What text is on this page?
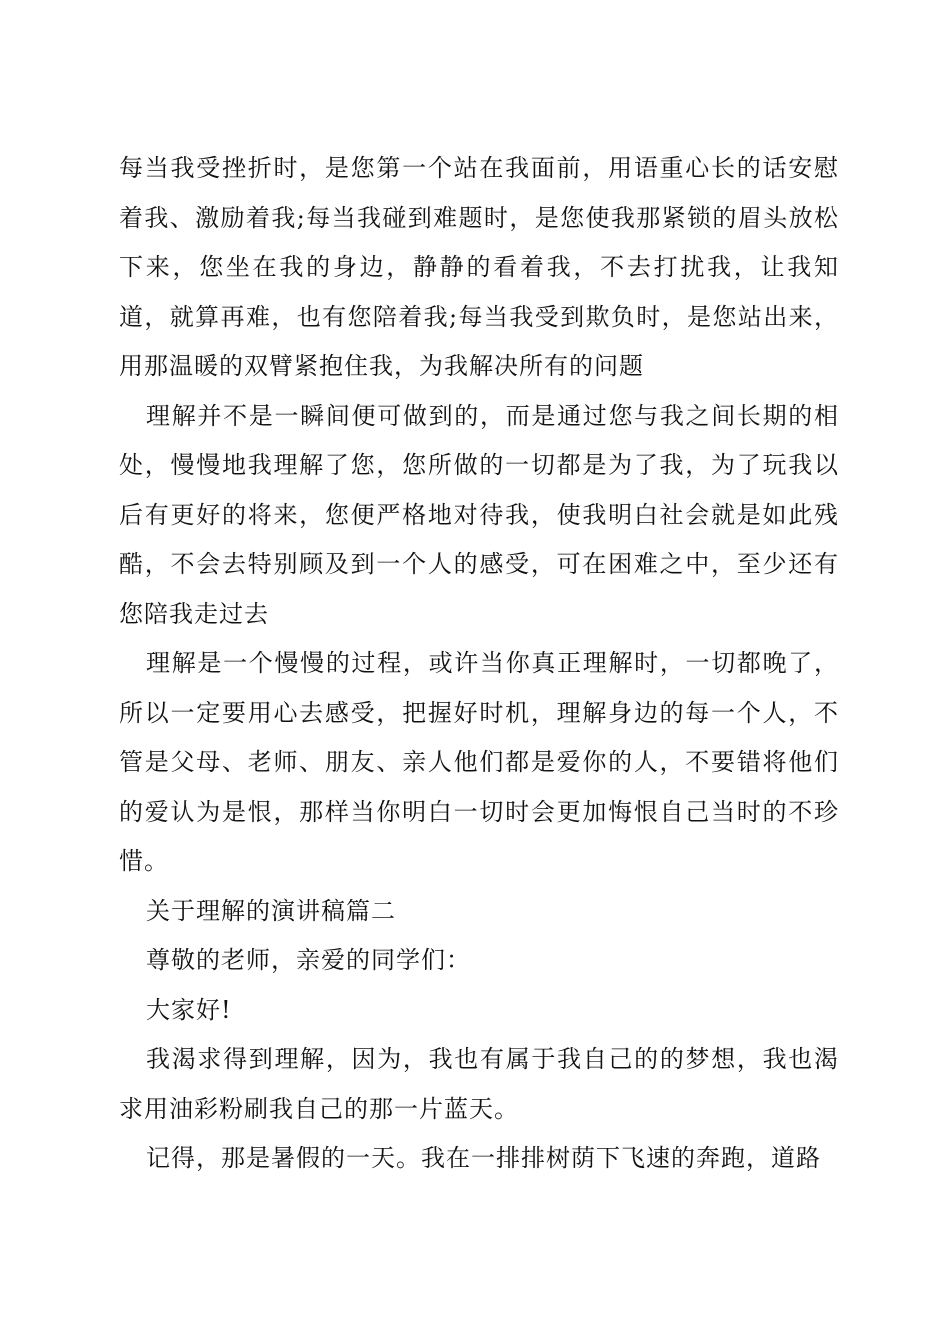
每当我受挫折时，是您第一个站在我面前，用语重心长的话安慰着我、激励着我;每当我碰到难题时，是您使我那紧锁的眉头放松下来，您坐在我的身边，静静的看着我，不去打扰我，让我知道，就算再难，也有您陪着我;每当我受到欺负时，是您站出来，用那温暖的双臂紧抱住我，为我解决所有的问题

理解并不是一瞬间便可做到的，而是通过您与我之间长期的相处，慢慢地我理解了您，您所做的一切都是为了我，为了玩我以后有更好的将来，您便严格地对待我，使我明白社会就是如此残酷，不会去特别顾及到一个人的感受，可在困难之中，至少还有您陪我走过去

理解是一个慢慢的过程，或许当你真正理解时，一切都晚了，所以一定要用心去感受，把握好时机，理解身边的每一个人，不管是父母、老师、朋友、亲人他们都是爱你的人，不要错将他们的爱认为是恨，那样当你明白一切时会更加悔恨自己当时的不珍惜。

关于理解的演讲稿篇二

尊敬的老师，亲爱的同学们：

大家好!

我渴求得到理解，因为，我也有属于我自己的的梦想，我也渴求用油彩粉刷我自己的那一片蓝天。

记得，那是暑假的一天。我在一排排树荫下飞速的奔跑，道路
